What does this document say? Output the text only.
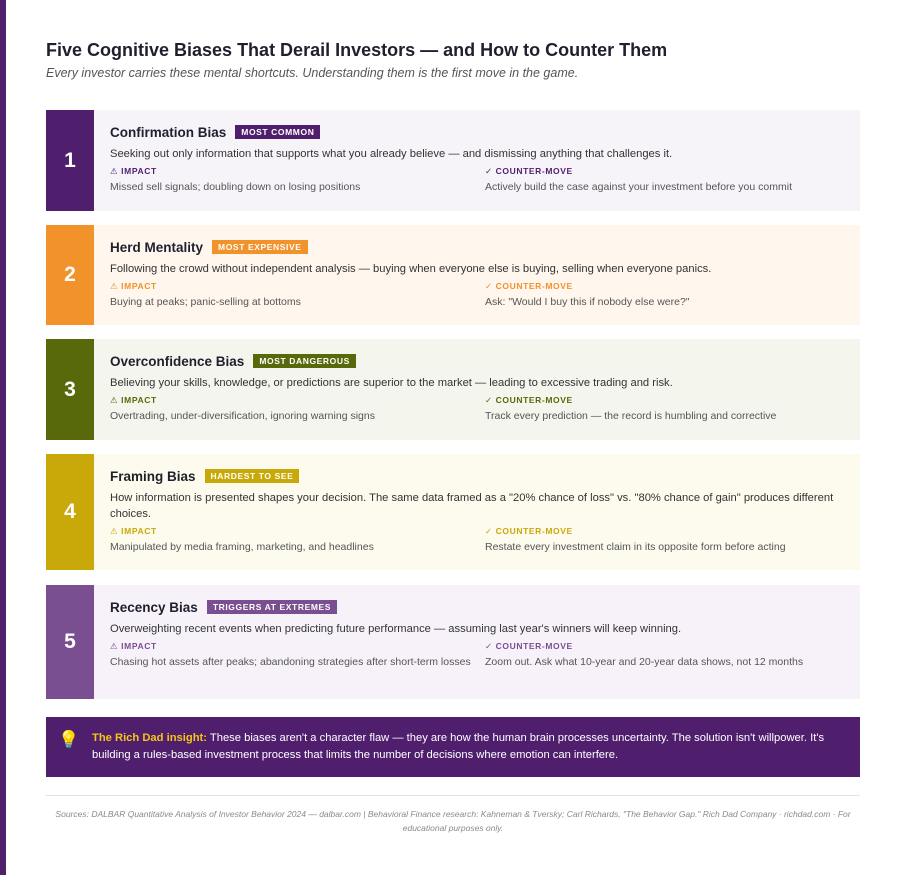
Five Cognitive Biases That Derail Investors — and How to Counter Them
Every investor carries these mental shortcuts. Understanding them is the first move in the game.
1
Confirmation Bias	MOST COMMON
Seeking out only information that supports what you already believe — and dismissing anything that challenges it.
⚠ IMPACT
Missed sell signals; doubling down on losing positions
✓ COUNTER-MOVE
Actively build the case against your investment before you commit
2
Herd Mentality	MOST EXPENSIVE
Following the crowd without independent analysis — buying when everyone else is buying, selling when everyone panics.
⚠ IMPACT
Buying at peaks; panic-selling at bottoms
✓ COUNTER-MOVE
Ask: "Would I buy this if nobody else were?"
3
Overconfidence Bias	MOST DANGEROUS
Believing your skills, knowledge, or predictions are superior to the market — leading to excessive trading and risk.
⚠ IMPACT
Overtrading, under-diversification, ignoring warning signs
✓ COUNTER-MOVE
Track every prediction — the record is humbling and corrective
4
Framing Bias	HARDEST TO SEE
How information is presented shapes your decision. The same data framed as a "20% chance of loss" vs. "80% chance of gain" produces different choices.
⚠ IMPACT
Manipulated by media framing, marketing, and headlines
✓ COUNTER-MOVE
Restate every investment claim in its opposite form before acting
5
Recency Bias	TRIGGERS AT EXTREMES
Overweighting recent events when predicting future performance — assuming last year's winners will keep winning.
⚠ IMPACT
Chasing hot assets after peaks; abandoning strategies after short-term losses
✓ COUNTER-MOVE
Zoom out. Ask what 10-year and 20-year data shows, not 12 months
💡	The Rich Dad insight: These biases aren't a character flaw — they are how the human brain processes uncertainty. The solution isn't willpower. It's building a rules-based investment process that limits the number of decisions where emotion can interfere.
Sources: DALBAR Quantitative Analysis of Investor Behavior 2024 — dalbar.com | Behavioral Finance research: Kahneman & Tversky; Carl Richards, "The Behavior Gap." Rich Dad Company · richdad.com · For educational purposes only.
